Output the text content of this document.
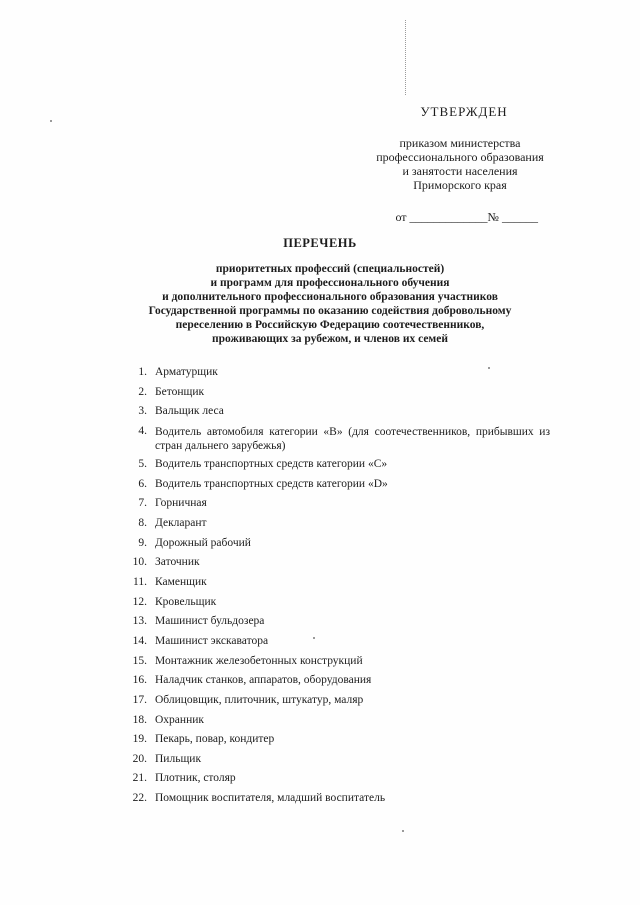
УТВЕРЖДЕН
приказом министерства
профессионального образования
и занятости населения
Приморского края
от _____________№ ______
ПЕРЕЧЕНЬ
приоритетных профессий (специальностей)
и программ для профессионального обучения
и дополнительного профессионального образования участников
Государственной программы по оказанию содействия добровольному
переселению в Российскую Федерацию соотечественников,
проживающих за рубежом, и членов их семей
1. Арматурщик
2. Бетонщик
3. Вальщик леса
4. Водитель автомобиля категории «В» (для соотечественников, прибывших из стран дальнего зарубежья)
5. Водитель транспортных средств категории «С»
6. Водитель транспортных средств категории «D»
7. Горничная
8. Декларант
9. Дорожный рабочий
10. Заточник
11. Каменщик
12. Кровельщик
13. Машинист бульдозера
14. Машинист экскаватора
15. Монтажник железобетонных конструкций
16. Наладчик станков, аппаратов, оборудования
17. Облицовщик, плиточник, штукатур, маляр
18. Охранник
19. Пекарь, повар, кондитер
20. Пильщик
21. Плотник, столяр
22. Помощник воспитателя, младший воспитатель
